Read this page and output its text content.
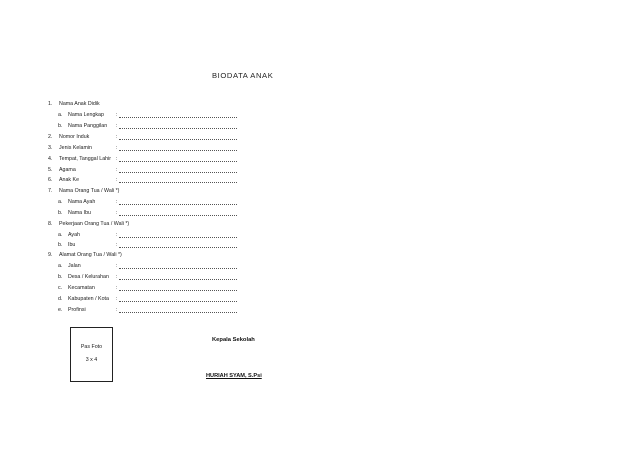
BIODATA ANAK
1. Nama Anak Didik
a. Nama Lengkap :
b. Nama Panggilan :
2. Nomor Induk	:
3. Jenis Kelamin	:
4. Tempat, Tanggal Lahir :
5. Agama	:
6. Anak Ke	:
7. Nama Orang Tua / Wali *)
a. Nama Ayah	:
b. Nama Ibu	:
8. Pekerjaan Orang Tua / Wali *)
a. Ayah	:
b. Ibu	:
9. Alamat Orang Tua / Wali *)
a. Jalan	:
b. Desa / Kelurahan :
c. Kecamatan	:
d. Kabupaten / Kota :
e. Profinsi	:
Pas Foto
3 x 4
Kepala Sekolah
HURIAH SYAM, S.Psi
